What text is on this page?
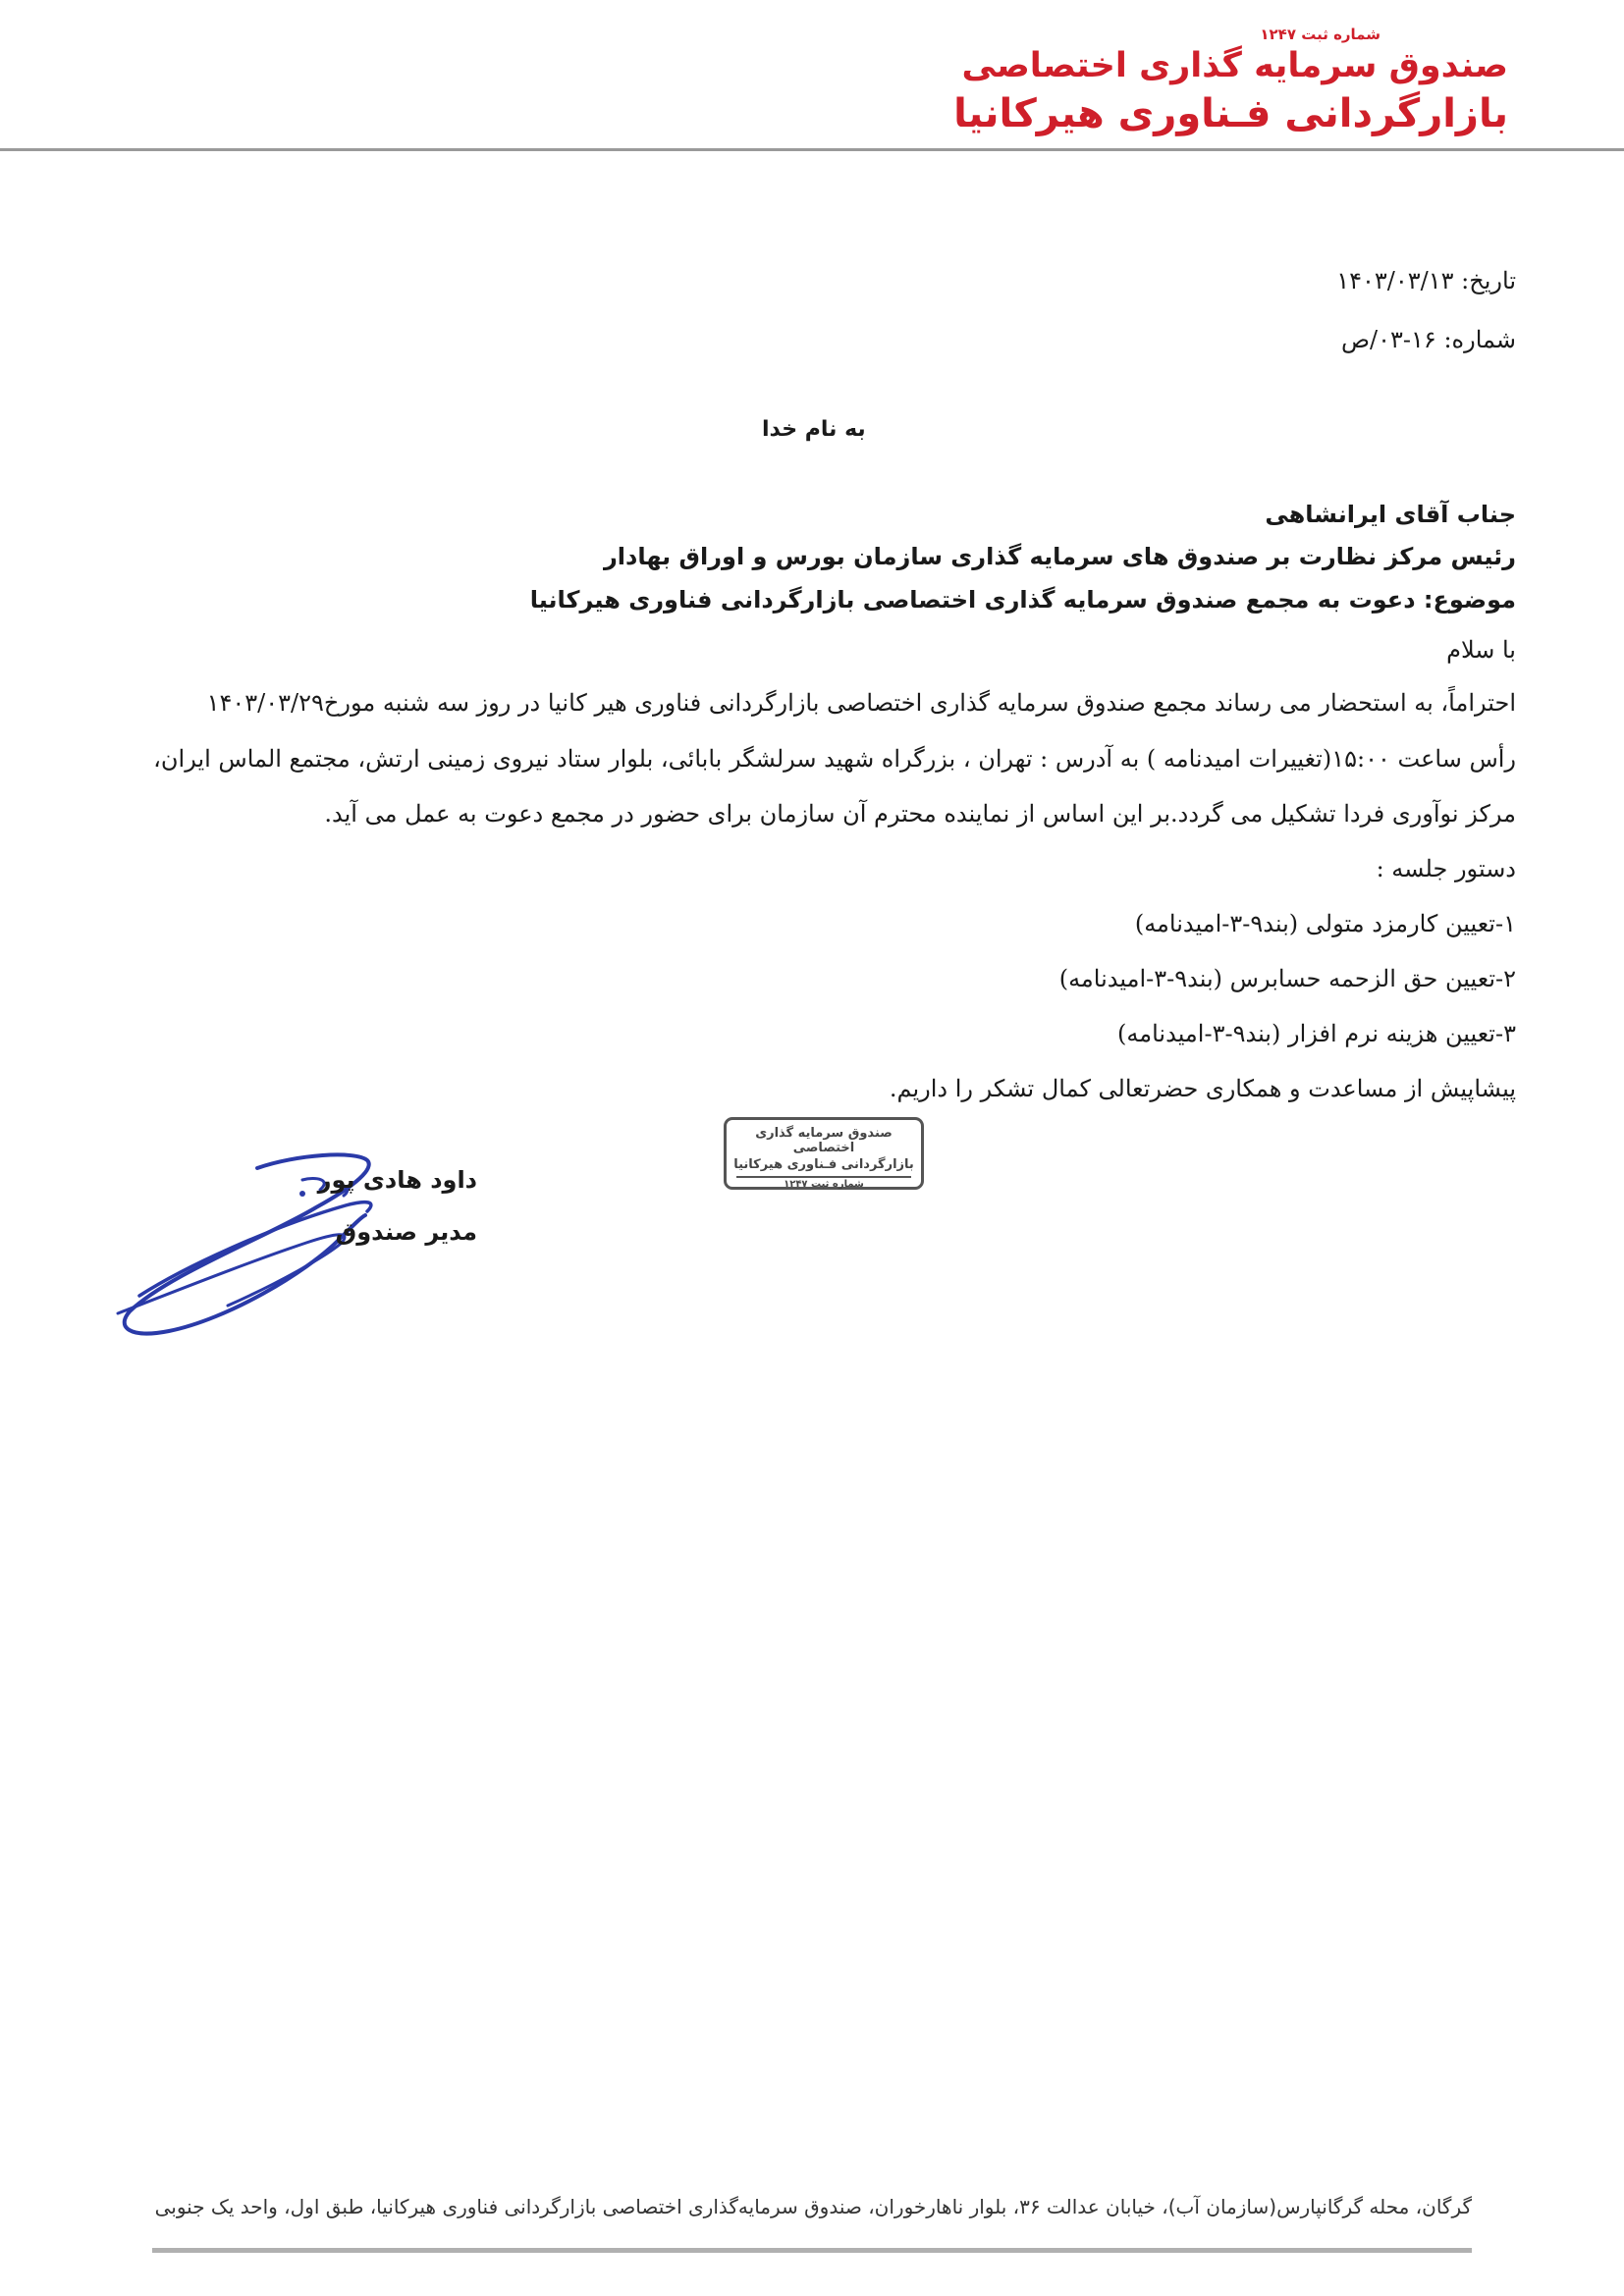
شماره ثبت ۱۲۴۷
صندوق سرمایه گذاری اختصاصی
بازارگردانی فـناوری هیرکانیا
تاریخ: ۱۴۰۳/۰۳/۱۳
شماره: ۱۶-۰۳/ص
به نام خدا
جناب آقای ایرانشاهی
رئیس مرکز نظارت بر صندوق های سرمایه گذاری سازمان بورس و اوراق بهادار
موضوع: دعوت به مجمع صندوق سرمایه گذاری اختصاصی بازارگردانی فناوری هیرکانیا
با سلام
احتراماً، به استحضار می رساند مجمع صندوق سرمایه گذاری اختصاصی بازارگردانی فناوری هیر کانیا در روز سه شنبه مورخ۱۴۰۳/۰۳/۲۹
رأس ساعت ۱۵:۰۰(تغییرات امیدنامه ) به آدرس : تهران ، بزرگراه شهید سرلشگر بابائی، بلوار ستاد نیروی زمینی ارتش، مجتمع الماس ایران،
مرکز نوآوری فردا تشکیل می گردد.بر این اساس از نماینده محترم آن سازمان برای حضور در مجمع دعوت به عمل می آید.
دستور جلسه :
۱-تعیین کارمزد متولی (بند۹-۳-امیدنامه)
۲-تعیین حق الزحمه حسابرس (بند۹-۳-امیدنامه)
۳-تعیین هزینه نرم افزار (بند۹-۳-امیدنامه)
پیشاپیش از مساعدت و همکاری حضرتعالی کمال تشکر را داریم.
صندوق سرمایه گذاری اختصاصی
بازارگردانی فـناوری هیرکانیا
شماره ثبت ۱۲۴۷
داود هادی پور
مدیر صندوق
گرگان، محله گرگانپارس(سازمان آب)، خیابان عدالت ۳۶، بلوار ناهارخوران، صندوق سرمایه‌گذاری اختصاصی بازارگردانی فناوری هیرکانیا، طبق اول، واحد یک جنوبی
